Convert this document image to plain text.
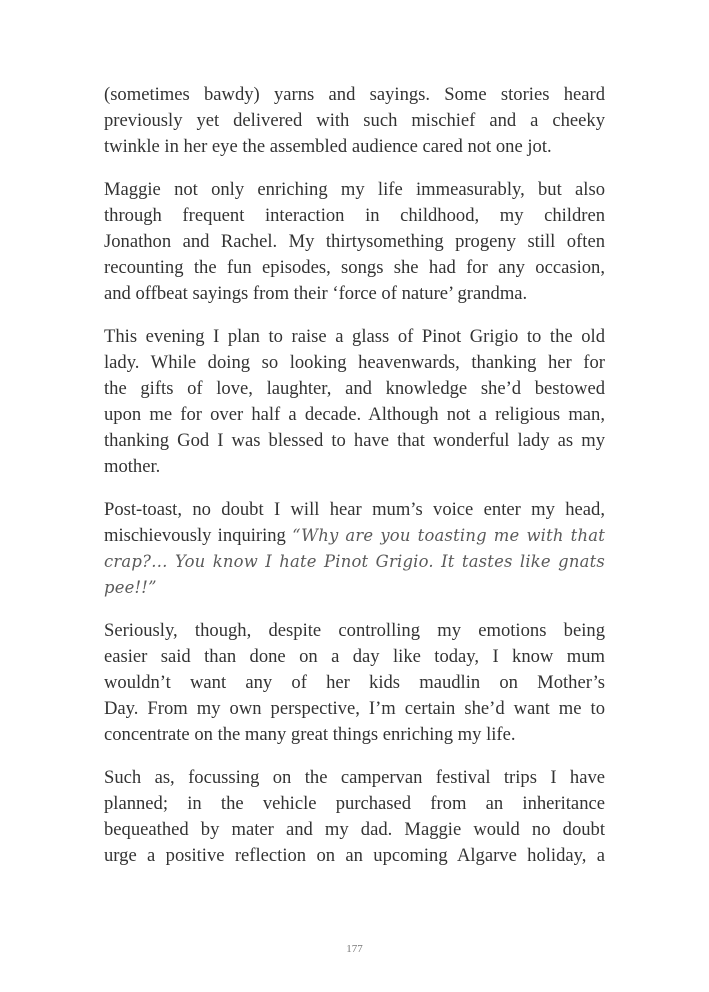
(sometimes bawdy) yarns and sayings. Some stories heard
previously yet delivered with such mischief and a cheeky
twinkle in her eye the assembled audience cared not one jot.
Maggie not only enriching my life immeasurably, but also
through frequent interaction in childhood, my children
Jonathon and Rachel. My thirtysomething progeny still often
recounting the fun episodes, songs she had for any occasion,
and offbeat sayings from their ‘force of nature’ grandma.
This evening I plan to raise a glass of Pinot Grigio to the old
lady. While doing so looking heavenwards, thanking her for
the gifts of love, laughter, and knowledge she’d bestowed
upon me for over half a decade. Although not a religious man,
thanking God I was blessed to have that wonderful lady as my
mother.
Post-toast, no doubt I will hear mum’s voice enter my head,
mischievously inquiring “Why are you toasting me with that
crap?… You know I hate Pinot Grigio. It tastes like gnats
pee!!”
Seriously, though, despite controlling my emotions being
easier said than done on a day like today, I know mum
wouldn’t want any of her kids maudlin on Mother’s
Day. From my own perspective, I’m certain she’d want me to
concentrate on the many great things enriching my life.
Such as, focussing on the campervan festival trips I have
planned; in the vehicle purchased from an inheritance
bequeathed by mater and my dad. Maggie would no doubt
urge a positive reflection on an upcoming Algarve holiday, a
177
